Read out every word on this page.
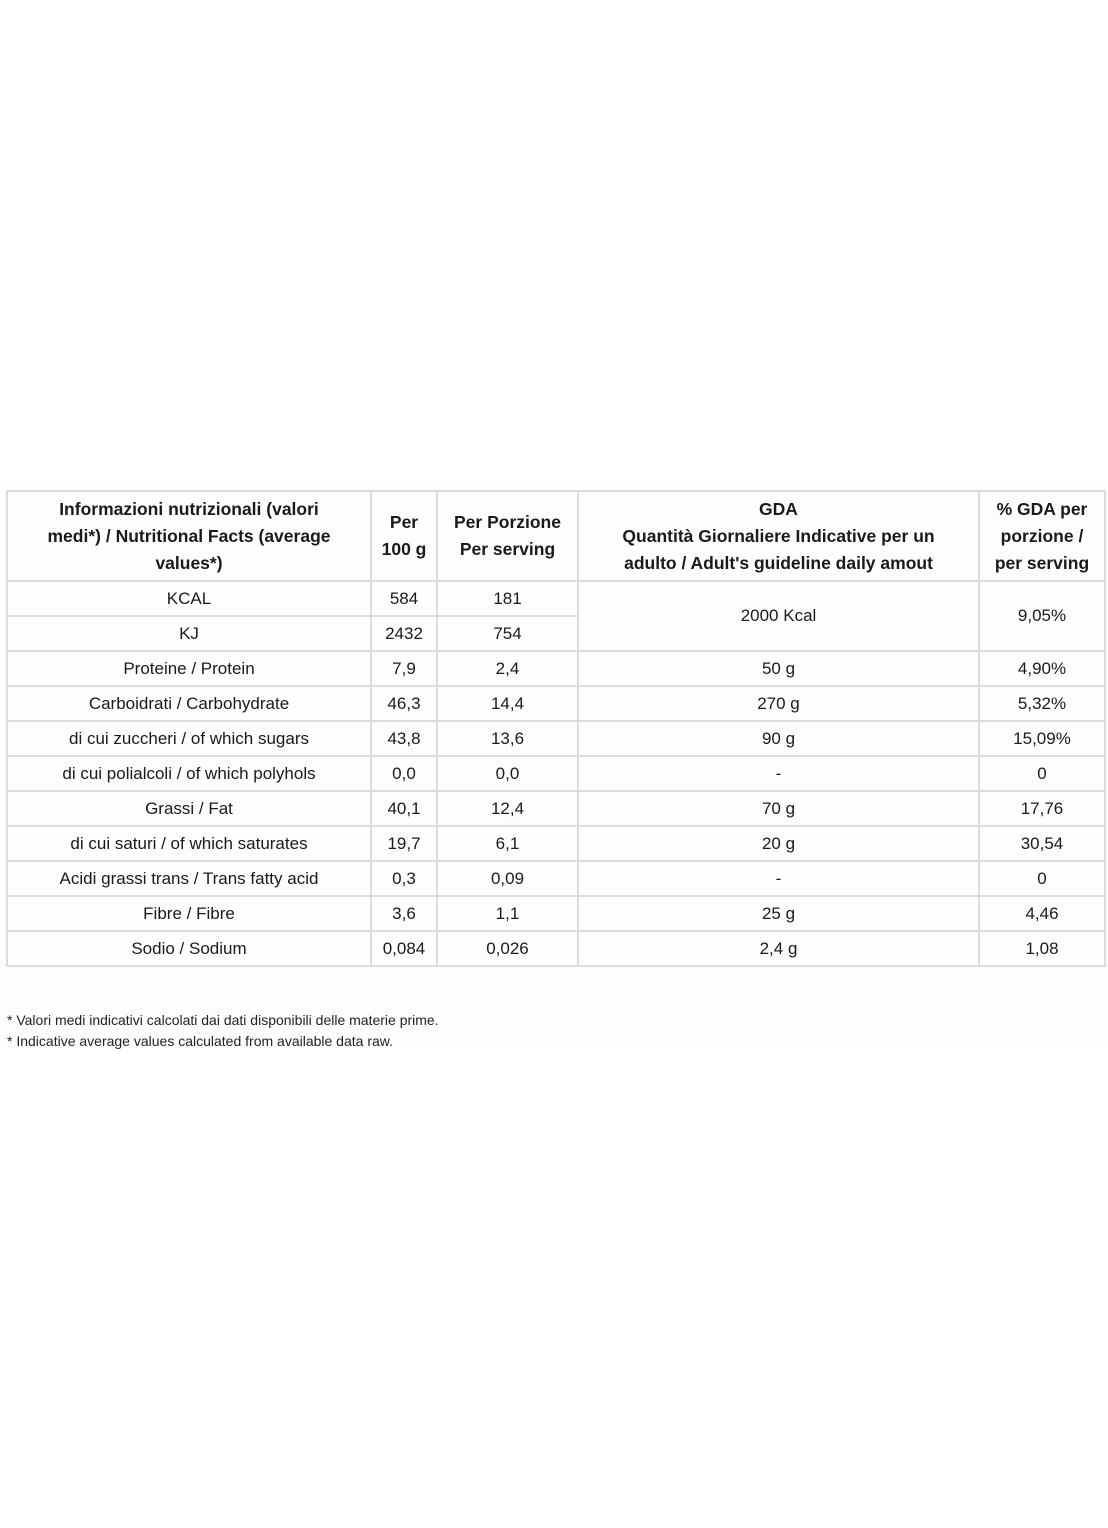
Informazioni nutrizionali (valori
medi*) / Nutritional Facts (average
values*)	Per
100 g	Per Porzione
Per serving	GDA
Quantità Giornaliere Indicative per un
adulto / Adult's guideline daily amout	% GDA per
porzione /
per serving
KCAL	584	181	2000 Kcal	9,05%
KJ	2432	754		
Proteine / Protein	7,9	2,4	50 g	4,90%
Carboidrati / Carbohydrate	46,3	14,4	270 g	5,32%
di cui zuccheri / of which sugars	43,8	13,6	90 g	15,09%
di cui polialcoli / of which polyhols	0,0	0,0	-	0
Grassi / Fat	40,1	12,4	70 g	17,76
di cui saturi / of which saturates	19,7	6,1	20 g	30,54
Acidi grassi trans / Trans fatty acid	0,3	0,09	-	0
Fibre / Fibre	3,6	1,1	25 g	4,46
Sodio / Sodium	0,084	0,026	2,4 g	1,08

* Valori medi indicativi calcolati dai dati disponibili delle materie prime.

* Indicative average values calculated from available data raw.
